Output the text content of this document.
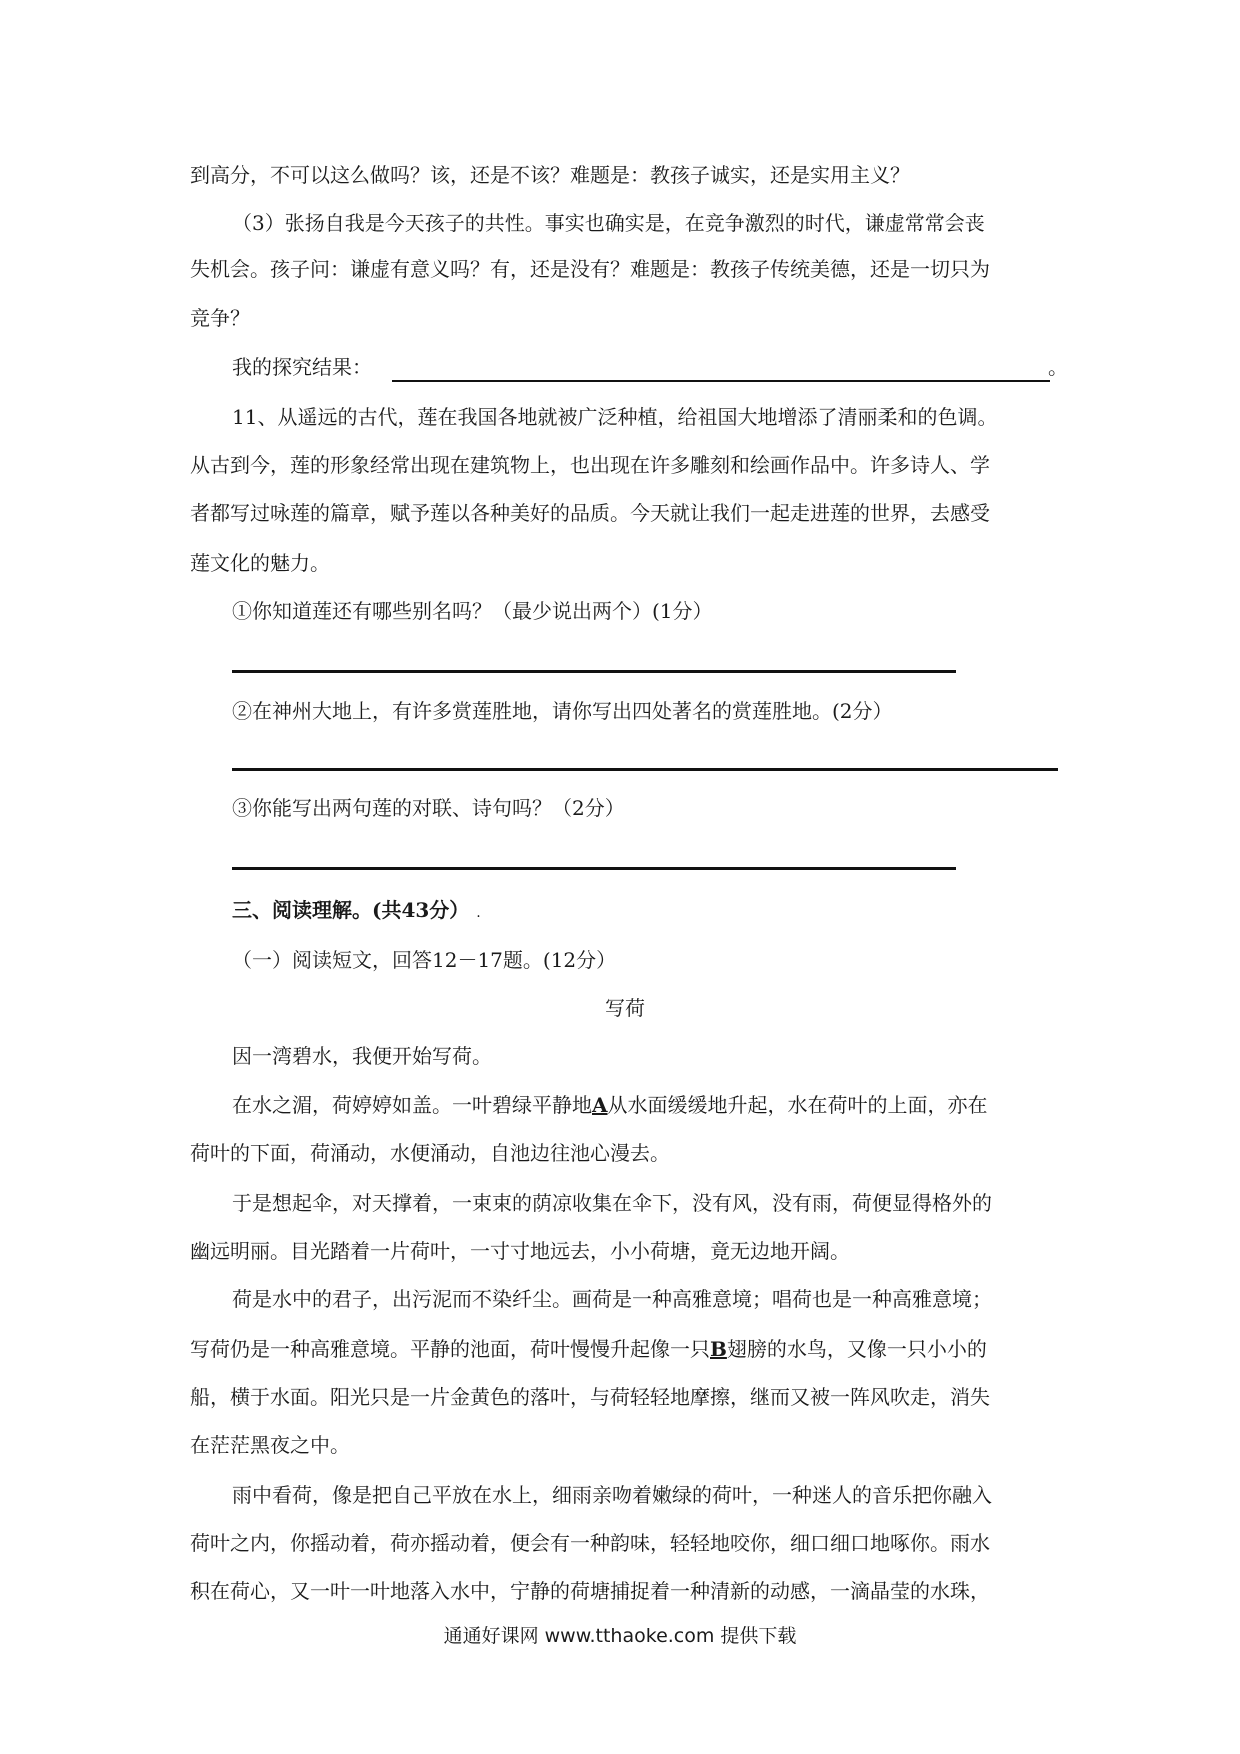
到高分，不可以这么做吗？该，还是不该？难题是：教孩子诚实，还是实用主义？
（3）张扬自我是今天孩子的共性。事实也确实是，在竞争激烈的时代，谦虚常常会丧
失机会。孩子问：谦虚有意义吗？有，还是没有？难题是：教孩子传统美德，还是一切只为
竞争？
我的探究结果：	。
11、从遥远的古代，莲在我国各地就被广泛种植，给祖国大地增添了清丽柔和的色调。
从古到今，莲的形象经常出现在建筑物上，也出现在许多雕刻和绘画作品中。许多诗人、学
者都写过咏莲的篇章，赋予莲以各种美好的品质。今天就让我们一起走进莲的世界，去感受
莲文化的魅力。
①你知道莲还有哪些别名吗？（最少说出两个）(1分）
②在神州大地上，有许多赏莲胜地，请你写出四处著名的赏莲胜地。(2分）
③你能写出两句莲的对联、诗句吗？（2分）
三、阅读理解。(共43分） .
（一）阅读短文，回答12－17题。(12分）
写荷
因一湾碧水，我便开始写荷。
在水之湄，荷婷婷如盖。一叶碧绿平静地A从水面缓缓地升起，水在荷叶的上面，亦在
荷叶的下面，荷涌动，水便涌动，自池边往池心漫去。
于是想起伞，对天撑着，一束束的荫凉收集在伞下，没有风，没有雨，荷便显得格外的
幽远明丽。目光踏着一片荷叶，一寸寸地远去，小小荷塘，竟无边地开阔。
荷是水中的君子，出污泥而不染纤尘。画荷是一种高雅意境；唱荷也是一种高雅意境；
写荷仍是一种高雅意境。平静的池面，荷叶慢慢升起像一只B翅膀的水鸟，又像一只小小的
船，横于水面。阳光只是一片金黄色的落叶，与荷轻轻地摩擦，继而又被一阵风吹走，消失
在茫茫黑夜之中。
雨中看荷，像是把自己平放在水上，细雨亲吻着嫩绿的荷叶，一种迷人的音乐把你融入
荷叶之内，你摇动着，荷亦摇动着，便会有一种韵味，轻轻地咬你，细口细口地啄你。雨水
积在荷心，又一叶一叶地落入水中，宁静的荷塘捕捉着一种清新的动感，一滴晶莹的水珠，
通通好课网 www.tthaoke.com 提供下载
